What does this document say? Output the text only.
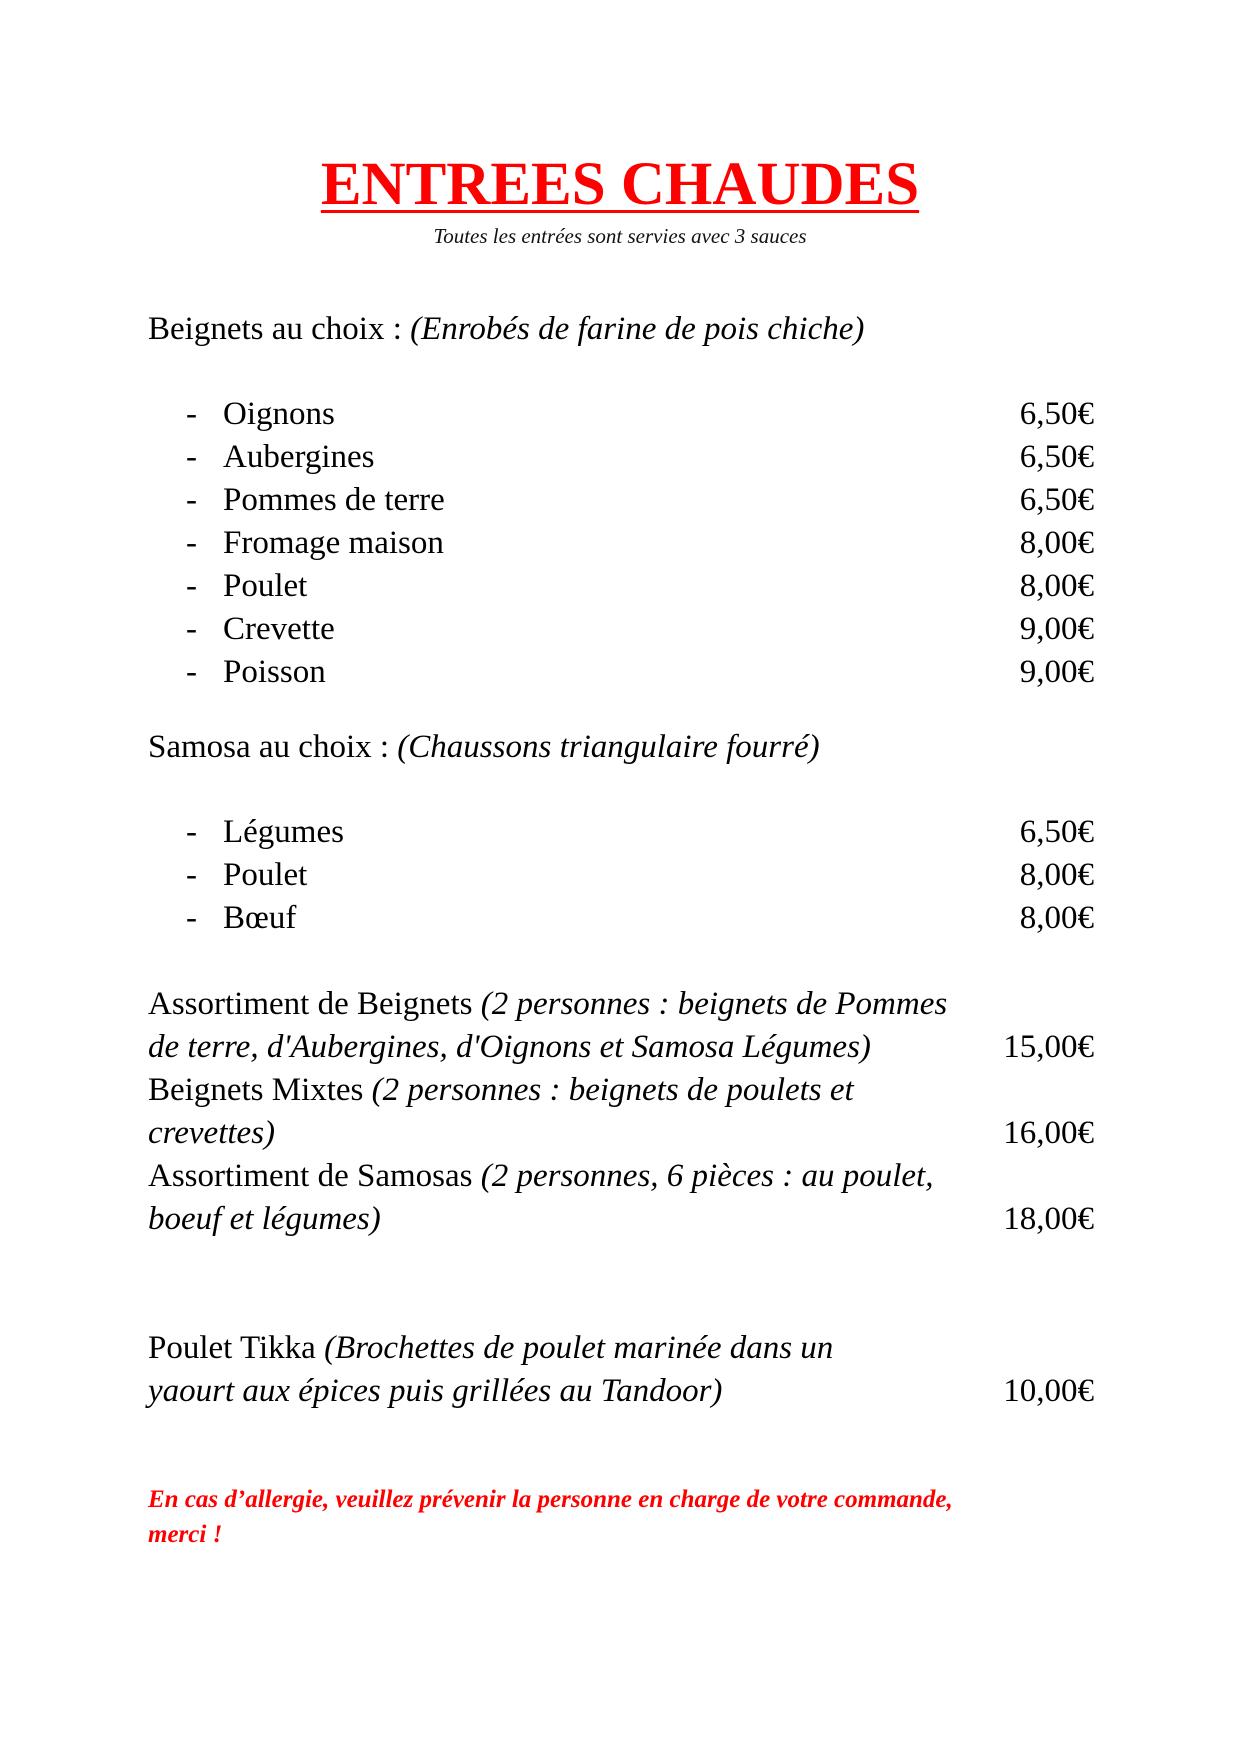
ENTREES CHAUDES
Toutes les entrées sont servies avec 3 sauces
Beignets au choix : (Enrobés de farine de pois chiche)
- Oignons	6,50€
- Aubergines	6,50€
- Pommes de terre	6,50€
- Fromage maison	8,00€
- Poulet	8,00€
- Crevette	9,00€
- Poisson	9,00€
Samosa au choix : (Chaussons triangulaire fourré)
- Légumes	6,50€
- Poulet	8,00€
- Bœuf	8,00€
Assortiment de Beignets (2 personnes : beignets de Pommes
de terre, d'Aubergines, d'Oignons et Samosa Légumes)	15,00€
Beignets Mixtes (2 personnes : beignets de poulets et
crevettes)	16,00€
Assortiment de Samosas (2 personnes, 6 pièces : au poulet,
boeuf et légumes)	18,00€
Poulet Tikka (Brochettes de poulet marinée dans un
yaourt aux épices puis grillées au Tandoor)	10,00€
En cas d’allergie, veuillez prévenir la personne en charge de votre commande,
merci !
